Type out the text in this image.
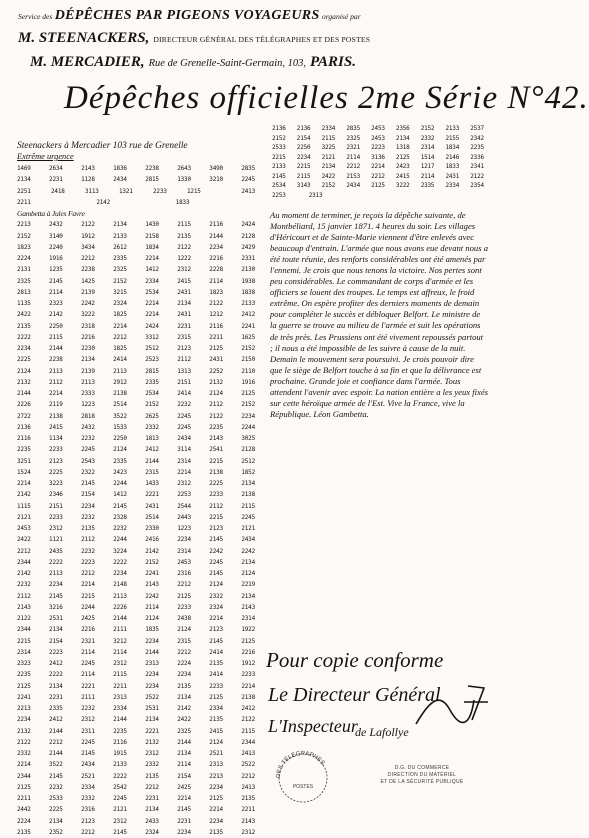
Service des DÉPÊCHES PAR PIGEONS VOYAGEURS organisé par
M. STEENACKERS, DIRECTEUR GÉNÉRAL DES TÉLÉGRAPHES ET DES POSTES
M. MERCADIER, Rue de Grenelle-Saint-Germain, 103, PARIS.
Dépêches officielles 2me Série N°42.
Steenackers à Mercadier 103 rue de Grenelle
Extrême urgence
1469	2634	2143	1836	2238	2643	3490	2835
2134	2231	1128	2434	2815	1330	3210	2245
2251	2418	3113	1321	2233	1215	2413
2211	2142	1833
Gambetta à Jules Favre
2213	2432	2122	2134	1430	2115	2116	2424
2152	3140	1912	2133	2158	2135	2144	2128
1823	2240	3434	2612	1834	2122	2234	2429
2224	1916	2212	2335	2214	1222	2216	2331
2131	1235	2238	2325	1412	2312	2228	2130
2325	2145	1425	2152	2334	2415	2114	1938
2813	2114	2139	3215	2534	2431	1823	1838
1135	2323	2242	2324	2214	2134	2122	2133
2422	2142	3222	1825	2214	2431	1212	2412
2135	2250	2318	2214	2424	2231	2116	2241
2222	2115	2216	2212	3312	2315	2211	1625
2234	2144	2230	1825	2512	2123	2125	2152
2225	2238	2134	2414	2523	2112	2431	2150
2124	2113	2139	2113	2815	1313	2252	2110
2132	2112	2113	2912	2335	2151	2132	1916
2144	2214	2333	2138	2534	2414	2124	2125
2226	2119	1223	2514	2152	2232	2112	2152
2722	2138	2818	3522	2625	2245	2122	2234
2136	2415	2432	1533	2332	2245	2235	2244
2116	1134	2232	2250	1813	2434	2143	3025
2235	2233	2245	2124	2412	3114	2541	2128
3251	2123	2543	2335	2144	2314	2215	2512
1524	2225	2322	2423	2315	2214	2138	1852
2214	3223	2145	2244	1433	2312	2225	2134
2142	2346	2154	1412	2221	2253	2233	2138
1115	2151	2234	2145	2431	2544	2112	2115
2121	2233	2232	2328	2514	2443	2215	2245
2453	2312	2135	2232	2330	1223	2123	2121
2422	1121	2112	2244	2416	2234	2145	2434
2212	2435	2232	3224	2142	2314	2242	2242
2344	2222	2223	2222	2152	2453	2245	2134
2142	2113	2212	2234	2241	2316	2145	2124
2232	2234	2214	2148	2143	2212	2124	2219
2112	2145	2215	2113	2242	2125	2322	2134
2143	3216	2244	2226	2114	2233	2324	2143
2122	2531	2425	2144	2124	2438	2214	2314
2344	2134	2216	2111	1835	2124	2123	1922
2215	2154	2321	3212	2234	2315	2145	2125
2314	2223	2114	2114	2144	2212	2414	2216
2323	2412	2245	2312	2313	2224	2135	1912
2235	2222	2114	2115	2234	2234	2414	2233
2125	2134	2221	2211	2234	2135	2233	2214
2241	2231	2111	2313	2522	2134	2125	2138
2213	2335	2232	2334	2531	2142	2334	2412
2234	2412	2312	2144	2134	2422	2135	2122
2132	2144	2311	2235	2221	2325	2415	2115
2122	2212	2245	2116	2132	2144	2124	2344
2332	2144	2145	1915	2312	2134	2521	2413
2214	3522	2434	2133	2332	2114	2313	2522
2344	2145	2521	2222	2135	2154	2213	2212
2125	2232	2334	2542	2212	2425	2234	2413
2211	2533	2332	2245	2231	2214	2125	2135
2442	2225	2316	2121	2134	2145	2214	2211
2224	2134	2123	2312	2433	2231	2234	2143
2135	2352	2212	2145	2324	2234	2135	2312
2136 2136 2334 2835 2453 2356 2152 2133 2537
2152 2154 2115 2325 2453 2134 2332 2155 2342
2533 2250 3225 2321 2223 1318 2314 1834 2235
2215 2234 2121 2114 3136 2125 1514 2146 2336
2133 2215 2134 2212 2214 2423 1217 1833 2341
2145 2115 2422 2153 2212 2415 2114 2431 2122
2534 3143 2152 2434 2125 3222 2335 2334 2354
2253	2313

Au moment de terminer, je reçois la dépêche suivante, de Montbéliard, 15 janvier 1871. 4 heures du soir. Les villages d'Héricourt et de Sainte-Marie viennent d'être enlevés avec beaucoup d'entrain. L'armée que nous avons eue devant nous a été toute réunie, des renforts considérables ont été amenés par l'ennemi. Je crois que nous tenons la victoire. Nos pertes sont peu considérables. Le commandant de corps d'armée et les officiers se louent des troupes. Le temps est affreux, le froid extrême. On espère profiter des derniers moments de demain pour compléter le succès et débloquer Belfort. Le ministre de la guerre se trouve au milieu de l'armée et suit les opérations de très près. Les Prussiens ont été vivement repoussés partout ; il nous a été impossible de les suivre à cause de la nuit. Demain le mouvement sera poursuivi. Je crois pouvoir dire que le siège de Belfort touche à sa fin et que la délivrance est prochaine. Grande joie et confiance dans l'armée. Tous attendent l'avenir avec espoir. La nation entière a les yeux fixés sur cette héroïque armée de l'Est. Vive la France, vive la République. Léon Gambetta.

Pour copie conforme
Le Directeur Général
L'Inspecteur
de Lafollye
DES TÉLÉGRAPHES
POSTES
D.G. DU COMMERCE
DIRECTION DU MATÉRIEL
ET DE LA SÉCURITÉ PUBLIQUE
